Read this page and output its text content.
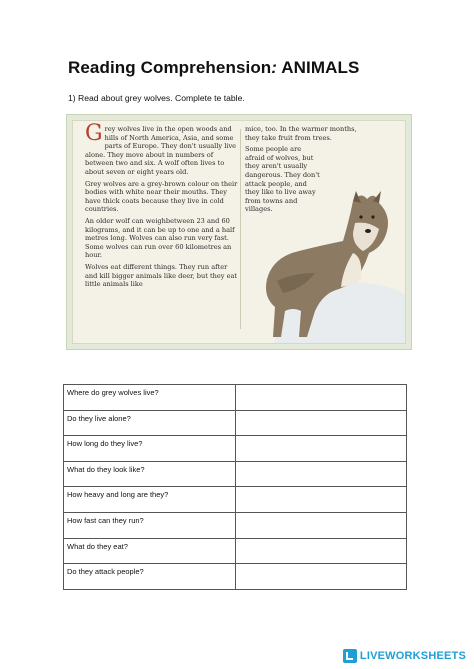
Reading Comprehension: ANIMALS
1) Read about grey wolves. Complete te table.

Grey wolves live in the open woods and hills of North America, Asia, and some parts of Europe. They don't usually live alone. They move about in numbers of between two and six. A wolf often lives to about seven or eight years old.

Grey wolves are a grey-brown colour on their bodies with white near their mouths. They have thick coats because they live in cold countries.

An older wolf can weighbetween 23 and 60 kilograms, and it can be up to one and a half metres long. Wolves can also run very fast. Some wolves can run over 60 kilometres an hour.

Wolves eat different things. They run after and kill bigger animals like deer, but they eat little animals like

mice, too. In the warmer months, they take fruit from trees.

Some people are afraid of wolves, but they aren't usually dangerous. They don't attack people, and they like to live away from towns and villages.

Where do grey wolves live?	
Do they live alone?	
How long do they live?	
What do they look like?	
How heavy and long are they?	
How fast can they run?	
What do they eat?	
Do they attack people?	
LIVEWORKSHEETS
